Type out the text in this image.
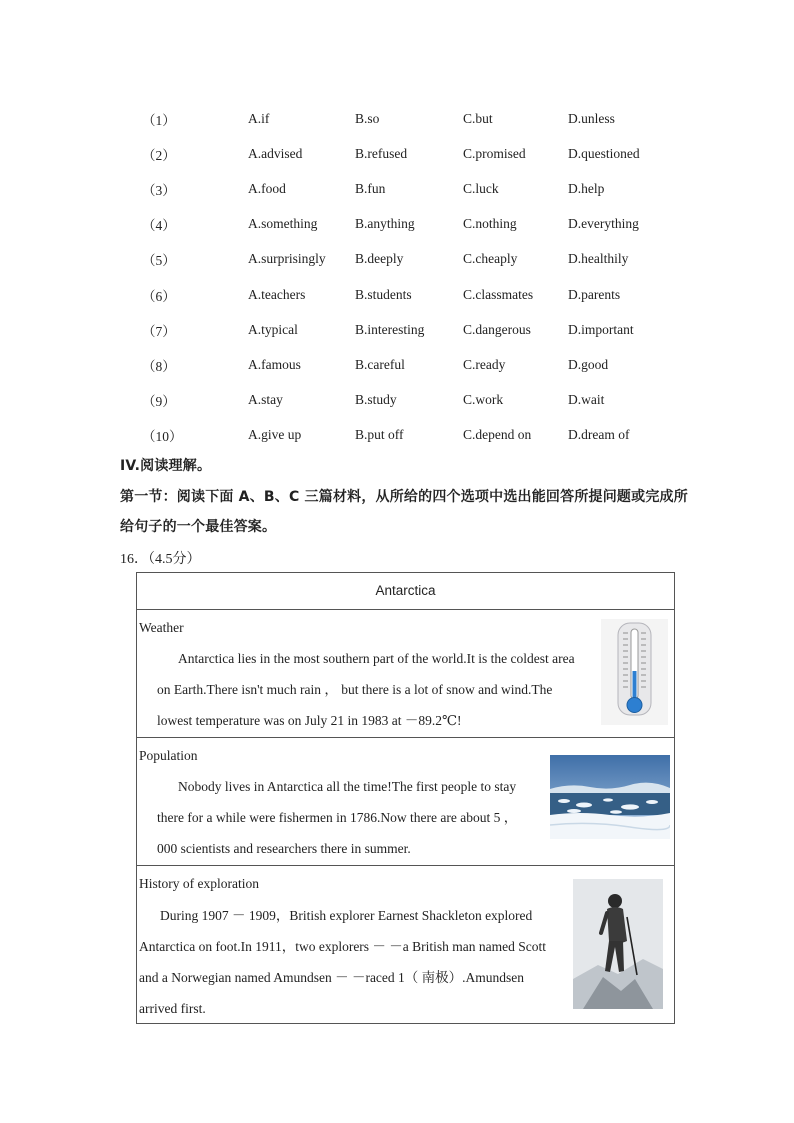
（1）	A.if	B.so	C.but	D.unless
（2）	A.advised	B.refused	C.promised	D.questioned
（3）	A.food	B.fun	C.luck	D.help
（4）	A.something	B.anything	C.nothing	D.everything
（5）	A.surprisingly	B.deeply	C.cheaply	D.healthily
（6）	A.teachers	B.students	C.classmates	D.parents
（7）	A.typical	B.interesting	C.dangerous	D.important
（8）	A.famous	B.careful	C.ready	D.good
（9）	A.stay	B.study	C.work	D.wait
（10）	A.give up	B.put off	C.depend on	D.dream of
IV.阅读理解。
第一节：阅读下面 A、B、C 三篇材料，从所给的四个选项中选出能回答所提问题或完成所
给句子的一个最佳答案。
16．（4.5分）
Antarctica
Weather
Antarctica lies in the most southern part of the world.It is the coldest area
on Earth.There isn't much rain ， but there is a lot of snow and wind.The
lowest temperature was on July 21 in 1983 at －89.2℃!
Population
Nobody lives in Antarctica all the time!The first people to stay
there for a while were fishermen in 1786.Now there are about 5 ，
000 scientists and researchers there in summer.
History of exploration
During 1907 － 1909，British explorer Earnest Shackleton explored
Antarctica on foot.In 1911，two explorers － －a British man named Scott
and a Norwegian named Amundsen － －raced 1（ 南极）.Amundsen
arrived first.
